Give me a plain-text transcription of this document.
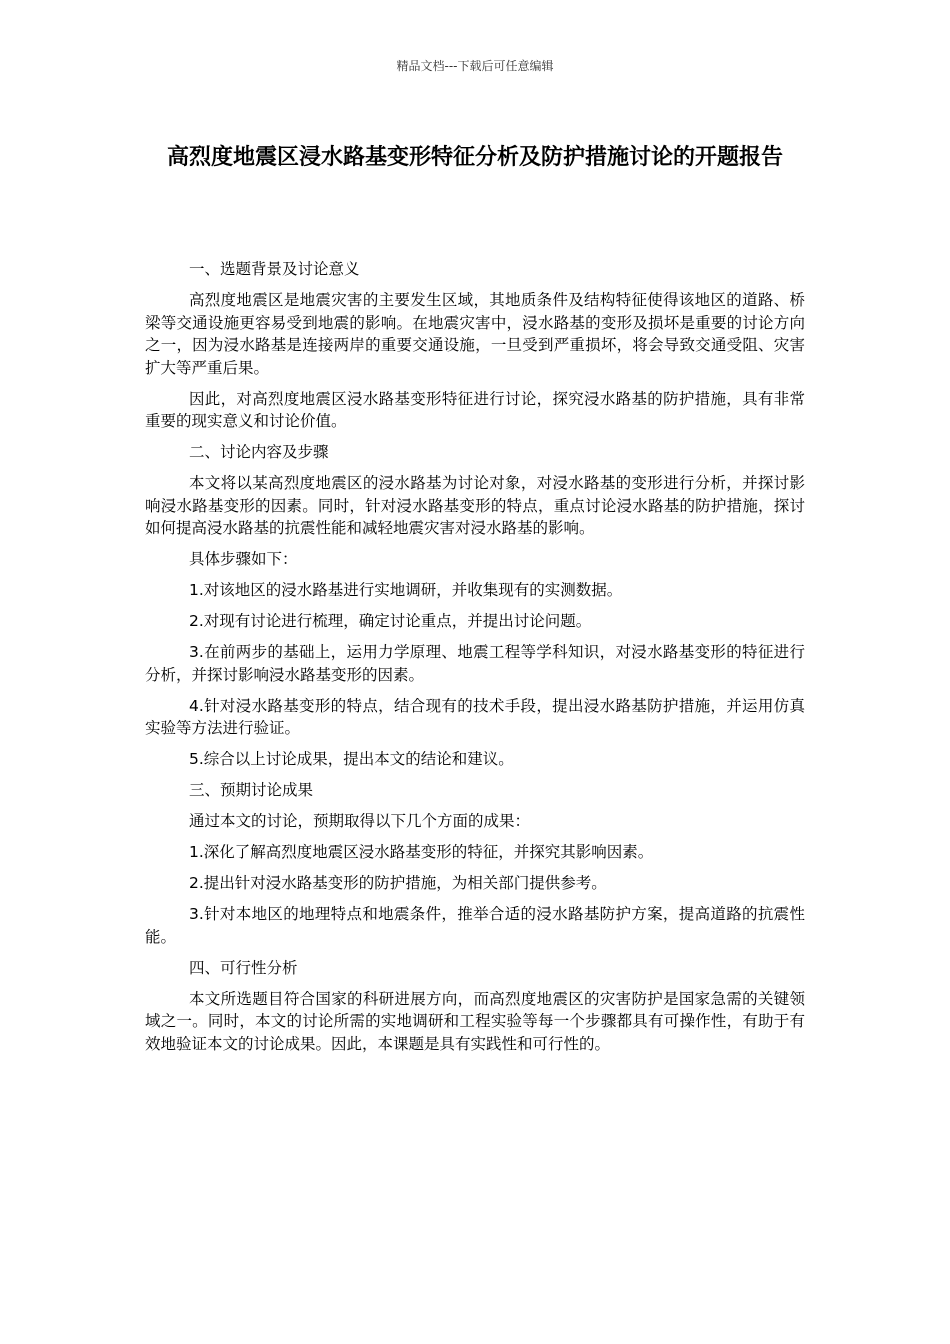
精品文档---下载后可任意编辑
高烈度地震区浸水路基变形特征分析及防护措施讨论的开题报告

一、选题背景及讨论意义

高烈度地震区是地震灾害的主要发生区域，其地质条件及结构特征使得该地区的道路、桥梁等交通设施更容易受到地震的影响。在地震灾害中，浸水路基的变形及损坏是重要的讨论方向之一，因为浸水路基是连接两岸的重要交通设施，一旦受到严重损坏，将会导致交通受阻、灾害扩大等严重后果。

因此，对高烈度地震区浸水路基变形特征进行讨论，探究浸水路基的防护措施，具有非常重要的现实意义和讨论价值。

二、讨论内容及步骤

本文将以某高烈度地震区的浸水路基为讨论对象，对浸水路基的变形进行分析，并探讨影响浸水路基变形的因素。同时，针对浸水路基变形的特点，重点讨论浸水路基的防护措施，探讨如何提高浸水路基的抗震性能和减轻地震灾害对浸水路基的影响。

具体步骤如下：

1.对该地区的浸水路基进行实地调研，并收集现有的实测数据。

2.对现有讨论进行梳理，确定讨论重点，并提出讨论问题。

3.在前两步的基础上，运用力学原理、地震工程等学科知识，对浸水路基变形的特征进行分析，并探讨影响浸水路基变形的因素。

4.针对浸水路基变形的特点，结合现有的技术手段，提出浸水路基防护措施，并运用仿真实验等方法进行验证。

5.综合以上讨论成果，提出本文的结论和建议。

三、预期讨论成果

通过本文的讨论，预期取得以下几个方面的成果：

1.深化了解高烈度地震区浸水路基变形的特征，并探究其影响因素。

2.提出针对浸水路基变形的防护措施，为相关部门提供参考。

3.针对本地区的地理特点和地震条件，推举合适的浸水路基防护方案，提高道路的抗震性能。

四、可行性分析

本文所选题目符合国家的科研进展方向，而高烈度地震区的灾害防护是国家急需的关键领域之一。同时，本文的讨论所需的实地调研和工程实验等每一个步骤都具有可操作性，有助于有效地验证本文的讨论成果。因此，本课题是具有实践性和可行性的。
